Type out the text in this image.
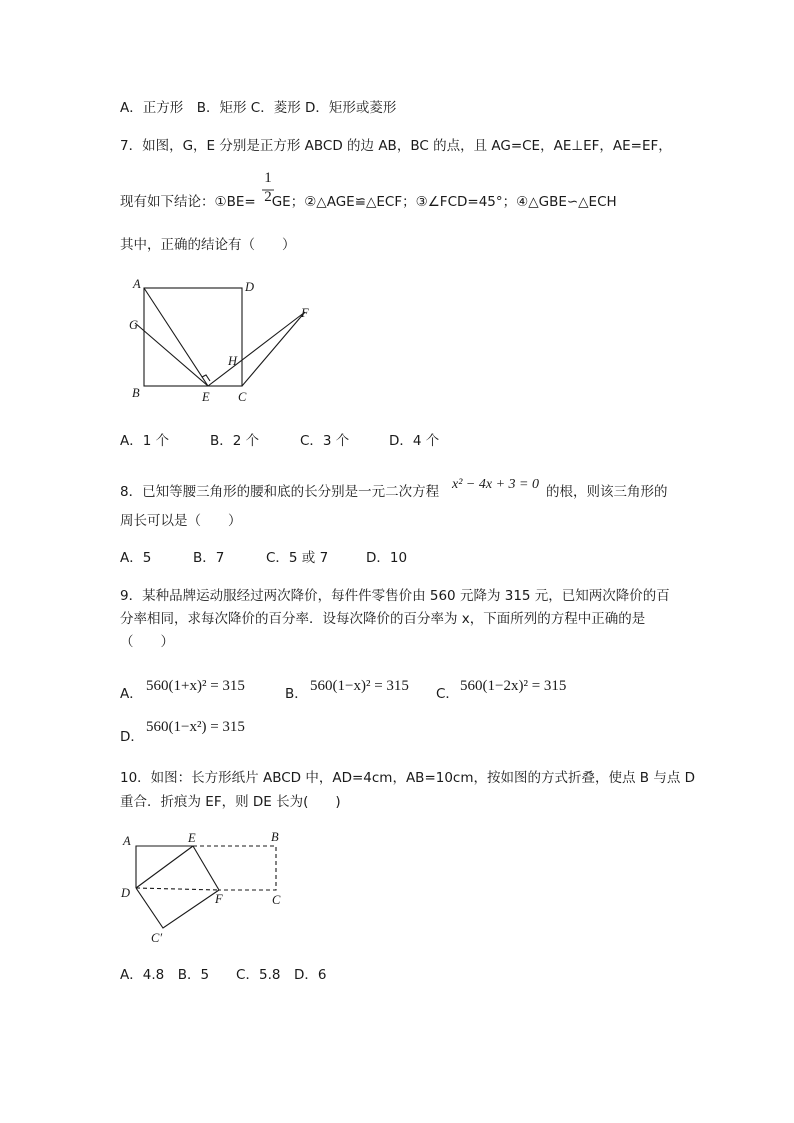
A．正方形　B．矩形 C．菱形 D．矩形或菱形
7．如图，G，E 分别是正方形 ABCD 的边 AB，BC 的点，且 AG=CE，AE⊥EF，AE=EF，
现有如下结论：①BE= GE；②△AGE≌△ECF；③∠FCD=45°；④△GBE∽△ECH
1
2
其中，正确的结论有（　　）
A	D
G
F
H
B	E C
A．1 个	B．2 个	C．3 个	D．4 个
8．已知等腰三角形的腰和底的长分别是一元二次方程 x² − 4x + 3 = 0 的根，则该三角形的
周长可以是（　　）
A．5	B．7	C．5 或 7	D．10
9．某种品牌运动服经过两次降价，每件件零售价由 560 元降为 315 元，已知两次降价的百
分率相同，求每次降价的百分率．设每次降价的百分率为 x，下面所列的方程中正确的是
（　　）
A． 560(1+x)² = 315	B． 560(1−x)² = 315 C． 560(1−2x)² = 315
D．
560(1−x²) = 315
10．如图：长方形纸片 ABCD 中，AD=4cm，AB=10cm，按如图的方式折叠，使点 B 与点 D
重合．折痕为 EF，则 DE 长为(　　)
A	E	B
D	F	C
C′
A．4.8　B．5　　C．5.8　D．6
